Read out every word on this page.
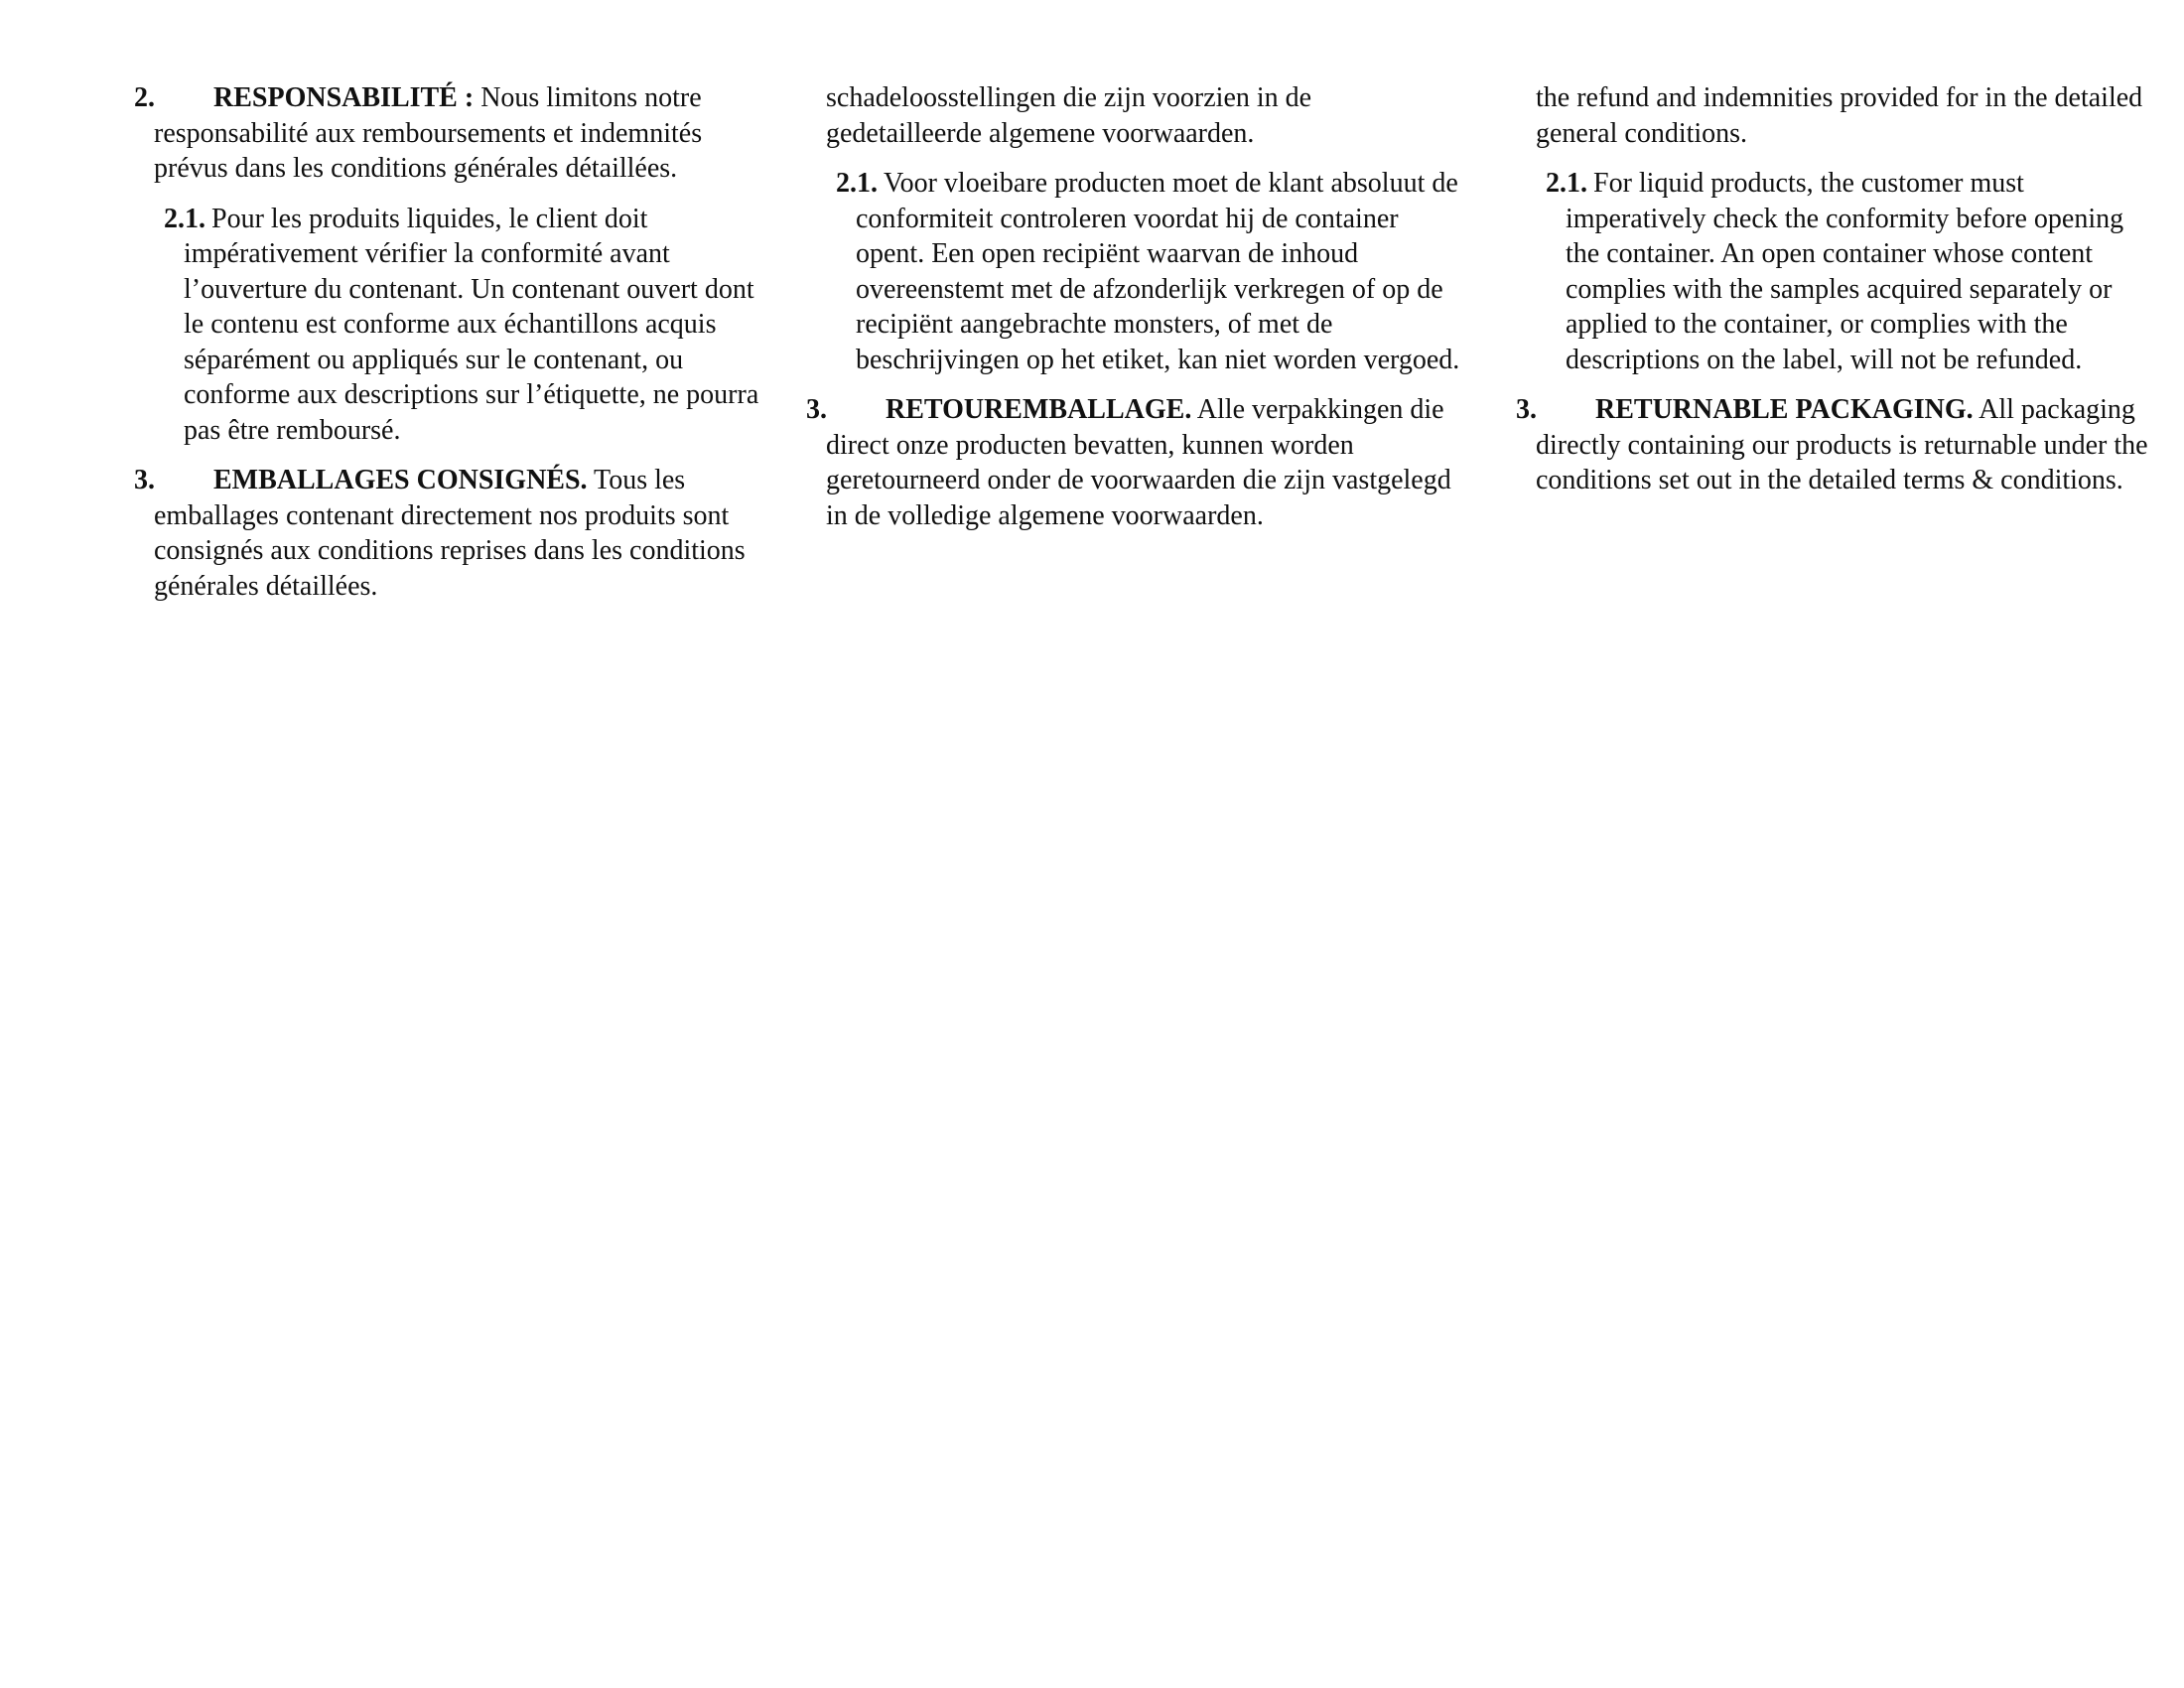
2. RESPONSABILITÉ : Nous limitons notre responsabilité aux remboursements et indemnités prévus dans les conditions générales détaillées.

2.1. Pour les produits liquides, le client doit impérativement vérifier la conformité avant l’ouverture du contenant. Un contenant ouvert dont le contenu est conforme aux échantillons acquis séparément ou appliqués sur le contenant, ou conforme aux descriptions sur l’étiquette, ne pourra pas être remboursé.

3. EMBALLAGES CONSIGNÉS. Tous les emballages contenant directement nos produits sont consignés aux conditions reprises dans les conditions générales détaillées.

schadeloosstellingen die zijn voorzien in de gedetailleerde algemene voorwaarden.

2.1. Voor vloeibare producten moet de klant absoluut de conformiteit controleren voordat hij de container opent. Een open recipiënt waarvan de inhoud overeenstemt met de afzonderlijk verkregen of op de recipiënt aangebrachte monsters, of met de beschrijvingen op het etiket, kan niet worden vergoed.

3. RETOUREMBALLAGE. Alle verpakkingen die direct onze producten bevatten, kunnen worden geretourneerd onder de voorwaarden die zijn vastgelegd in de volledige algemene voorwaarden.

the refund and indemnities provided for in the detailed general conditions.

2.1. For liquid products, the customer must imperatively check the conformity before opening the container. An open container whose content complies with the samples acquired separately or applied to the container, or complies with the descriptions on the label, will not be refunded.

3. RETURNABLE PACKAGING. All packaging directly containing our products is returnable under the conditions set out in the detailed terms & conditions.
